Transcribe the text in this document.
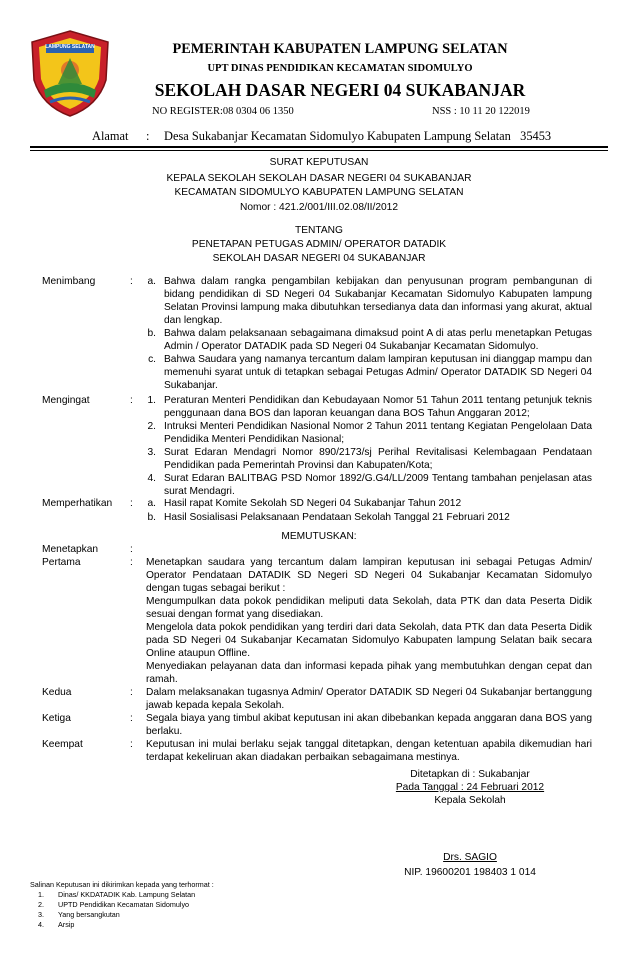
LAMPUNG SELATAN	PEMERINTAH KABUPATEN LAMPUNG SELATAN
UPT DINAS PENDIDIKAN KECAMATAN SIDOMULYO
SEKOLAH DASAR NEGERI 04 SUKABANJAR
NO REGISTER:08 0304 06 1350	NSS : 10 11 20 122019
Alamat : Desa Sukabanjar Kecamatan Sidomulyo Kabupaten Lampung Selatan   35453
SURAT KEPUTUSAN
KEPALA SEKOLAH SEKOLAH DASAR NEGERI 04 SUKABANJAR
KECAMATAN SIDOMULYO KABUPATEN LAMPUNG SELATAN
Nomor : 421.2/001/III.02.08/II/2012
TENTANG
PENETAPAN PETUGAS ADMIN/ OPERATOR DATADIK
SEKOLAH DASAR NEGERI 04 SUKABANJAR
Menimbang	:	a. Bahwa dalam rangka pengambilan kebijakan dan penyusunan program pembangunan di bidang pendidikan di SD Negeri 04 Sukabanjar Kecamatan Sidomulyo Kabupaten lampung Selatan Provinsi lampung maka dibutuhkan tersedianya data dan informasi yang akurat, aktual dan lengkap.
b. Bahwa dalam pelaksanaan sebagaimana dimaksud point A di atas perlu menetapkan Petugas Admin / Operator DATADIK pada SD Negeri 04 Sukabanjar Kecamatan Sidomulyo.
c. Bahwa Saudara yang namanya tercantum dalam lampiran keputusan ini dianggap mampu dan memenuhi syarat untuk di tetapkan sebagai Petugas Admin/ Operator DATADIK SD Negeri 04 Sukabanjar.
Mengingat	:	1. Peraturan Menteri Pendidikan dan Kebudayaan Nomor 51 Tahun 2011 tentang petunjuk teknis penggunaan dana BOS dan laporan keuangan dana BOS Tahun Anggaran 2012;
2. Intruksi Menteri Pendidikan Nasional Nomor 2 Tahun 2011 tentang Kegiatan Pengelolaan Data Pendidika Menteri Pendidikan Nasional;
3. Surat Edaran Mendagri Nomor 890/2173/sj Perihal Revitalisasi Kelembagaan Pendataan Pendidikan pada Pemerintah Provinsi dan Kabupaten/Kota;
4. Surat Edaran BALITBAG PSD Nomor 1892/G.G4/LL/2009 Tentang tambahan penjelasan atas surat Mendagri.
Memperhatikan :	a. Hasil rapat Komite Sekolah SD Negeri 04 Sukabanjar Tahun 2012
b. Hasil Sosialisasi Pelaksanaan Pendataan Sekolah Tanggal 21 Februari 2012
MEMUTUSKAN:
Menetapkan	:
Pertama	: Menetapkan saudara yang tercantum dalam lampiran keputusan ini sebagai Petugas Admin/ Operator Pendataan DATADIK SD Negeri SD Negeri 04 Sukabanjar Kecamatan Sidomulyo dengan tugas sebagai berikut :
Mengumpulkan data pokok pendidikan meliputi data Sekolah, data PTK dan data Peserta Didik sesuai dengan format yang disediakan.
Mengelola data pokok pendidikan yang terdiri dari data Sekolah, data PTK dan data Peserta Didik pada SD Negeri 04 Sukabanjar Kecamatan Sidomulyo Kabupaten lampung Selatan baik secara Online ataupun Offline.
Menyediakan pelayanan data dan informasi kepada pihak yang membutuhkan dengan cepat dan ramah.
Kedua	: Dalam melaksanakan tugasnya Admin/ Operator DATADIK SD Negeri 04 Sukabanjar bertanggung jawab kepada kepala Sekolah.
Ketiga	: Segala biaya yang timbul akibat keputusan ini akan dibebankan kepada anggaran dana BOS yang berlaku.
Keempat	: Keputusan ini mulai berlaku sejak tanggal ditetapkan, dengan ketentuan apabila dikemudian hari terdapat kekeliruan akan diadakan perbaikan sebagaimana mestinya.
Ditetapkan di : Sukabanjar
Pada Tanggal : 24 Februari 2012
Kepala Sekolah
Drs. SAGIO
NIP. 19600201 198403 1 014
Salinan Keputusan ini dikirimkan kepada yang terhormat :
1. Dinas/ KKDATADIK Kab. Lampung Selatan
2. UPTD Pendidikan Kecamatan Sidomulyo
3. Yang bersangkutan
4. Arsip
